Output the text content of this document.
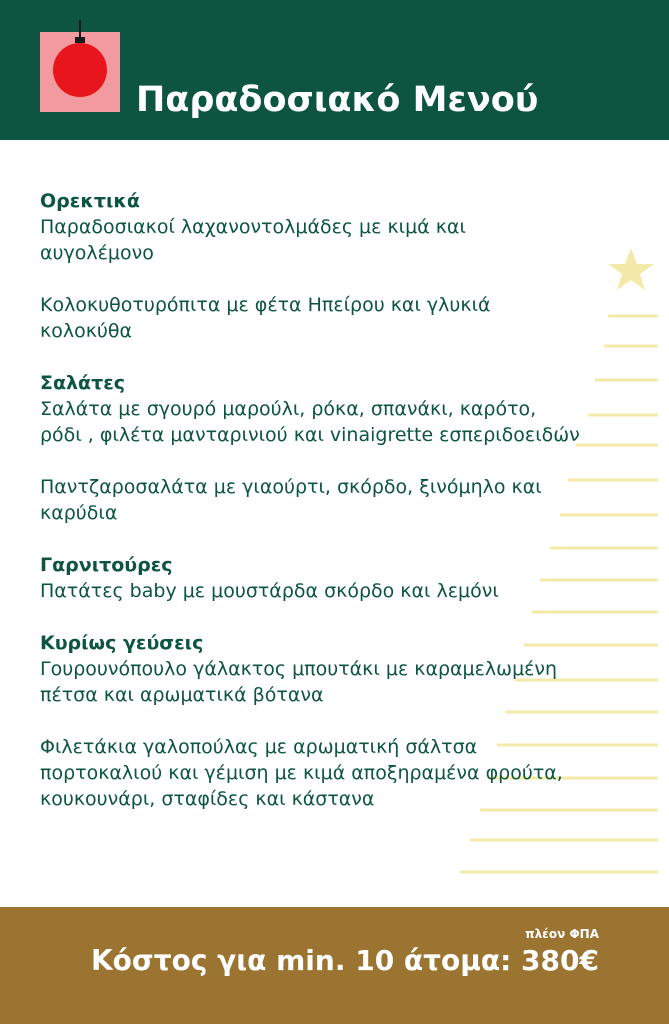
Παραδοσιακό Μενού
Ορεκτικά
Παραδοσιακοί λαχανοντολμάδες με κιμά και
αυγολέμονο
Κολοκυθοτυρόπιτα με φέτα Ηπείρου και γλυκιά
κολοκύθα
Σαλάτες
Σαλάτα με σγουρό μαρούλι, ρόκα, σπανάκι, καρότο,
ρόδι , φιλέτα μανταρινιού και vinaigrette εσπεριδοειδών
Παντζαροσαλάτα με γιαούρτι, σκόρδο, ξινόμηλο και
καρύδια
Γαρνιτούρες
Πατάτες baby με μουστάρδα σκόρδο και λεμόνι
Κυρίως γεύσεις
Γουρουνόπουλο γάλακτος μπουτάκι με καραμελωμένη
πέτσα και αρωματικά βότανα
Φιλετάκια γαλοπούλας με αρωματική σάλτσα
πορτοκαλιού και γέμιση με κιμά αποξηραμένα φρούτα,
κουκουνάρι, σταφίδες και κάστανα
πλέον ΦΠΑ
Κόστος για min. 10 άτομα: 380€
